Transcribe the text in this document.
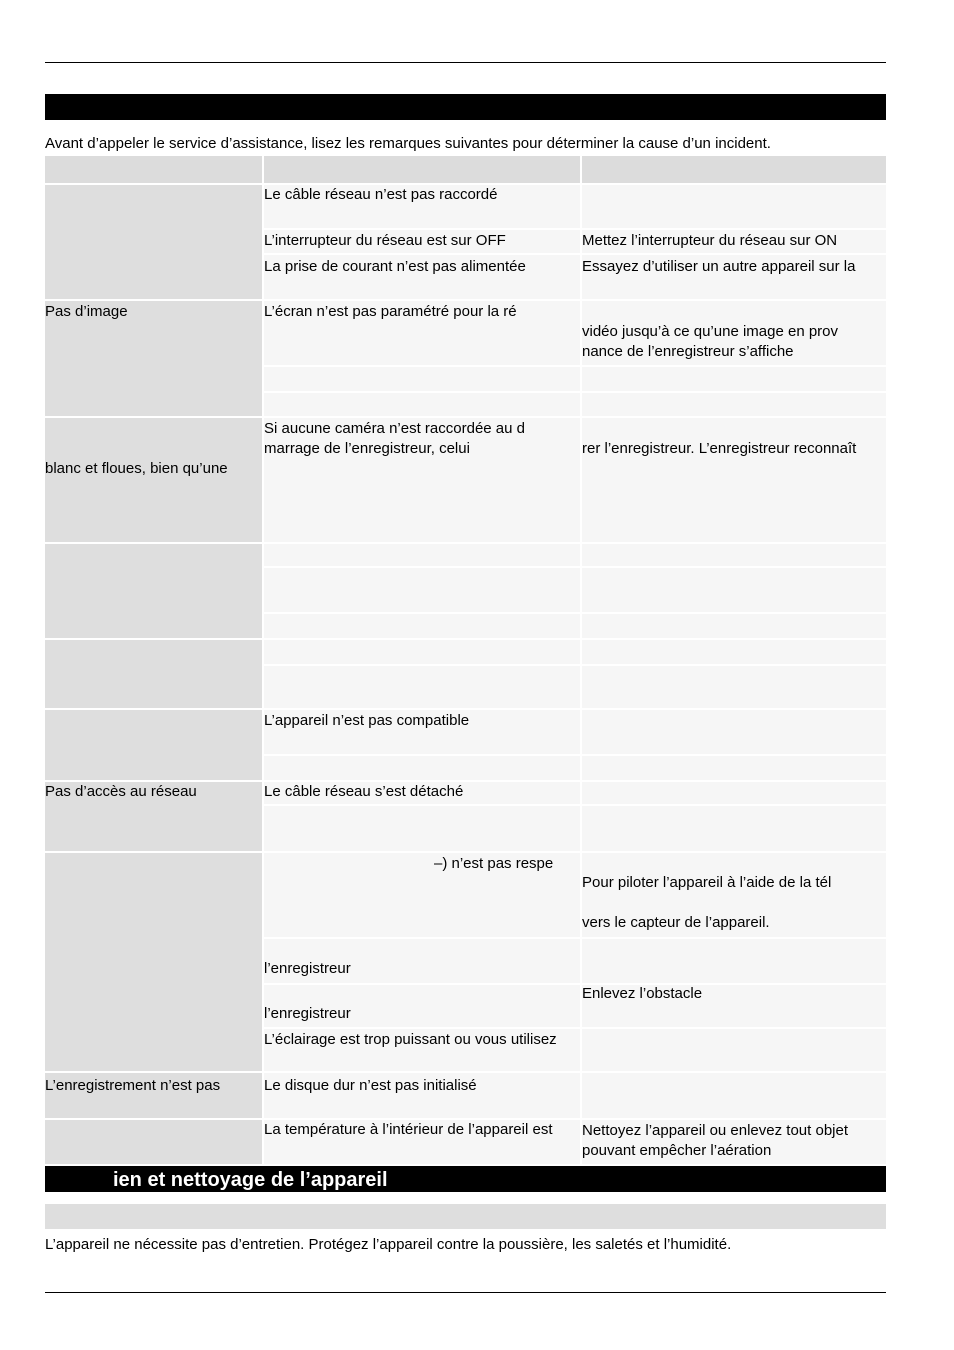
Avant d’appeler le service d’assistance, lisez les remarques suivantes pour déterminer la cause d’un incident.
Pas d’image
blanc et floues, bien qu’une
Pas d’accès au réseau
L’enregistrement n’est pas
Le câble réseau n’est pas raccordé
L’interrupteur du réseau est sur OFF
La prise de courant n’est pas alimentée
L’écran n’est pas paramétré pour la ré
Si aucune caméra n’est raccordée au d
marrage de l’enregistreur, celui
L’appareil n’est pas compatible
Le câble réseau s’est détaché
–) n’est pas respe
l’enregistreur
l’enregistreur
L’éclairage est trop puissant ou vous utilisez
Le disque dur n’est pas initialisé
La température à l’intérieur de l’appareil est
Mettez l’interrupteur du réseau sur ON
Essayez d’utiliser un autre appareil sur la
vidéo jusqu’à ce qu’une image en prov
nance de l’enregistreur s’affiche
rer l’enregistreur. L’enregistreur reconnaît
Pour piloter l’appareil à l’aide de la tél
vers le capteur de l’appareil.
Enlevez l’obstacle
Nettoyez l’appareil ou enlevez tout objet
pouvant empêcher l’aération
ien et nettoyage de l’appareil
L’appareil ne nécessite pas d’entretien. Protégez l’appareil contre la poussière, les saletés et l’humidité.
